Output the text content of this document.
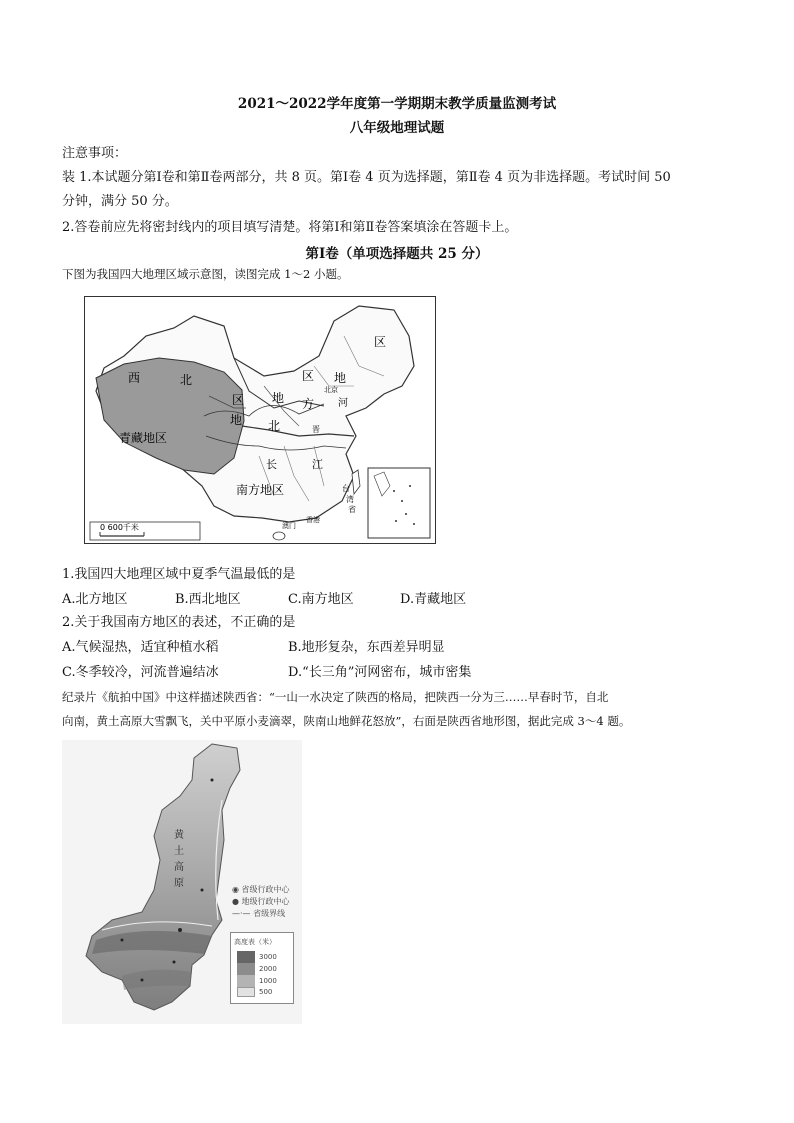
2021～2022学年度第一学期期末教学质量监测考试
八年级地理试题
注意事项：
装 1.本试题分第Ⅰ卷和第Ⅱ卷两部分，共 8 页。第Ⅰ卷 4 页为选择题，第Ⅱ卷 4 页为非选择题。考试时间 50
分钟，满分 50 分。
2.答卷前应先将密封线内的项目填写清楚。将第Ⅰ和第Ⅱ卷答案填涂在答题卡上。
第Ⅰ卷（单项选择题共 25 分）
下图为我国四大地理区域示意图，读图完成 1～2 小题。
西	北	区 地
区
地
区
青藏地区
地
北
方 河
北京
晋
长	江
南方地区	台
湾
省
香港
澳门
0 600千米
1.我国四大地理区域中夏季气温最低的是
A.北方地区	B.西北地区	C.南方地区	D.青藏地区
2.关于我国南方地区的表述，不正确的是
A.气候湿热，适宜种植水稻	B.地形复杂，东西差异明显
C.冬季较冷，河流普遍结冰	D.“长三角”河网密布，城市密集
纪录片《航拍中国》中这样描述陕西省：“一山一水决定了陕西的格局，把陕西一分为三……早春时节，自北
向南，黄土高原大雪飘飞，关中平原小麦滴翠，陕南山地鲜花怒放”，右面是陕西省地形图，据此完成 3～4 题。
黄
土
高
原
◉ 省级行政中心
● 地级行政中心
—·— 省级界线
高度表（米）
3000
2000
1000
500
